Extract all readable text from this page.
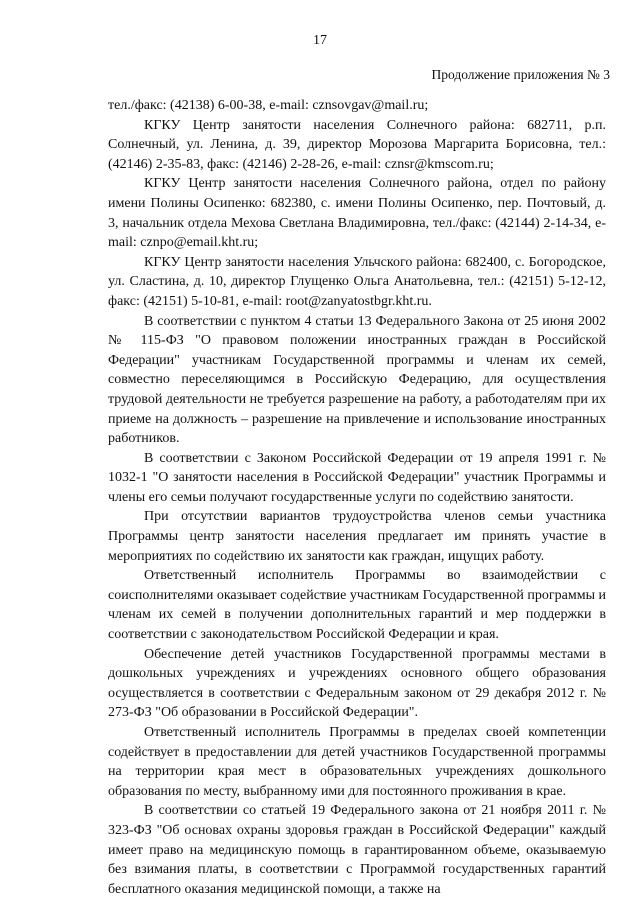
17
Продолжение приложения № 3

тел./факс: (42138) 6-00-38, e-mail: cznsovgav@mail.ru;

КГКУ Центр занятости населения Солнечного района: 682711, р.п. Солнечный, ул. Ленина, д. 39, директор Морозова Маргарита Борисовна, тел.: (42146) 2-35-83, факс: (42146) 2-28-26, e-mail: cznsr@kmscom.ru;

КГКУ Центр занятости населения Солнечного района, отдел по району имени Полины Осипенко: 682380, с. имени Полины Осипенко, пер. Почтовый, д. 3, начальник отдела Мехова Светлана Владимировна, тел./факс: (42144) 2-14-34, e-mail: cznpo@email.kht.ru;

КГКУ Центр занятости населения Ульчского района: 682400, с. Богородское, ул. Сластина, д. 10, директор Глущенко Ольга Анатольевна, тел.: (42151) 5-12-12, факс: (42151) 5-10-81, e-mail: root@zanyatostbgr.kht.ru.

В соответствии с пунктом 4 статьи 13 Федерального Закона от 25 июня 2002 № 115-ФЗ "О правовом положении иностранных граждан в Российской Федерации" участникам Государственной программы и членам их семей, совместно переселяющимся в Российскую Федерацию, для осуществления трудовой деятельности не требуется разрешение на работу, а работодателям при их приеме на должность – разрешение на привлечение и использование иностранных работников.

В соответствии с Законом Российской Федерации от 19 апреля 1991 г. № 1032-1 "О занятости населения в Российской Федерации" участник Программы и члены его семьи получают государственные услуги по содействию занятости.

При отсутствии вариантов трудоустройства членов семьи участника Программы центр занятости населения предлагает им принять участие в мероприятиях по содействию их занятости как граждан, ищущих работу.

Ответственный исполнитель Программы во взаимодействии с соисполнителями оказывает содействие участникам Государственной программы и членам их семей в получении дополнительных гарантий и мер поддержки в соответствии с законодательством Российской Федерации и края.

Обеспечение детей участников Государственной программы местами в дошкольных учреждениях и учреждениях основного общего образования осуществляется в соответствии с Федеральным законом от 29 декабря 2012 г. № 273-ФЗ "Об образовании в Российской Федерации".

Ответственный исполнитель Программы в пределах своей компетенции содействует в предоставлении для детей участников Государственной программы на территории края мест в образовательных учреждениях дошкольного образования по месту, выбранному ими для постоянного проживания в крае.

В соответствии со статьей 19 Федерального закона от 21 ноября 2011 г. № 323-ФЗ "Об основах охраны здоровья граждан в Российской Федерации" каждый имеет право на медицинскую помощь в гарантированном объеме, оказываемую без взимания платы, в соответствии с Программой государственных гарантий бесплатного оказания медицинской помощи, а также на
